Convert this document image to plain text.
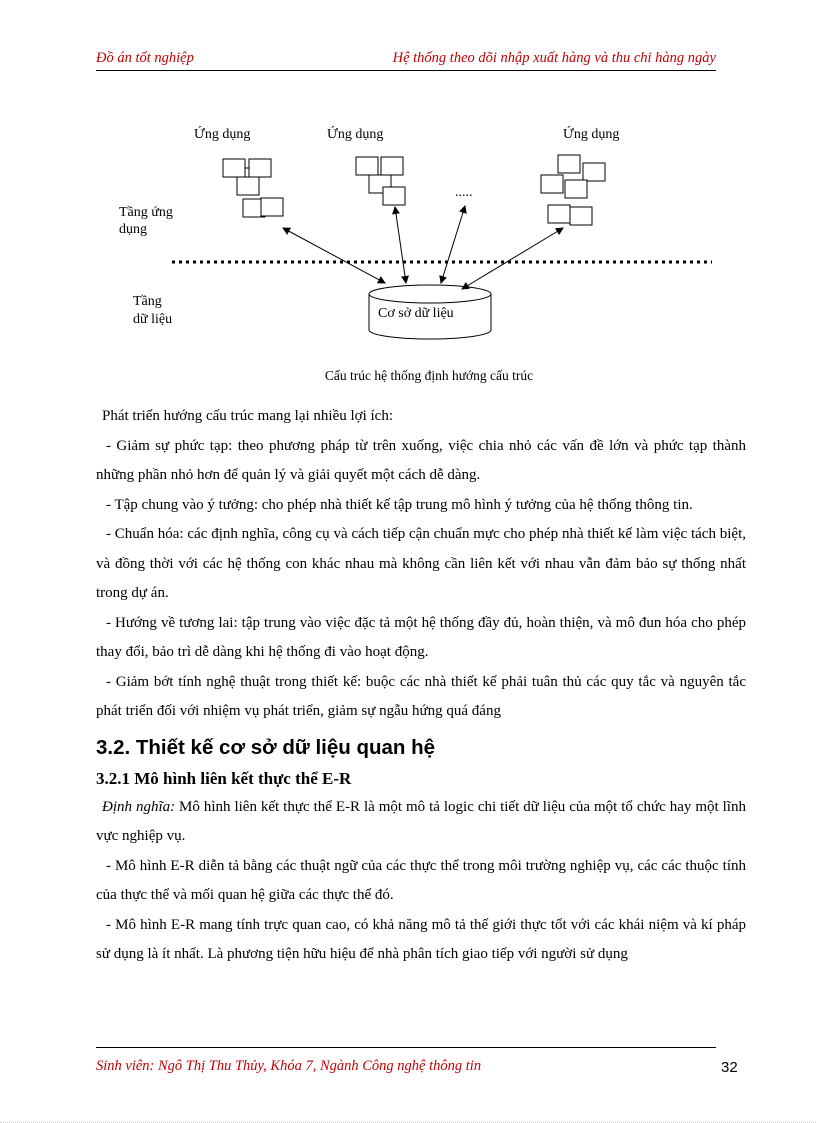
Đồ án tốt nghiệp	Hệ thống theo dõi nhập xuất hàng và thu chi hàng ngày
Ứng dụng	Ứng dụng	Ứng dụng
.....
Tầng ứng
dụng
Tầng
dữ liệu	Cơ sở dữ liệu
Cấu trúc hệ thống định hướng cấu trúc

Phát triển hướng cấu trúc mang lại nhiều lợi ích:

- Giảm sự phức tạp: theo phương pháp từ trên xuống, việc chia nhỏ các vấn đề lớn và phức tạp thành những phần nhỏ hơn để quản lý và giải quyết một cách dễ dàng.

- Tập chung vào ý tưởng: cho phép nhà thiết kế tập trung mô hình ý tưởng của hệ thống thông tin.

- Chuẩn hóa: các định nghĩa, công cụ và cách tiếp cận chuẩn mực cho phép nhà thiết kế làm việc tách biệt, và đồng thời với các hệ thống con khác nhau mà không cần liên kết với nhau vẫn đảm bảo sự thống nhất trong dự án.

- Hướng về tương lai: tập trung vào việc đặc tả một hệ thống đầy đủ, hoàn thiện, và mô đun hóa cho phép thay đổi, bảo trì dễ dàng khi hệ thống đi vào hoạt động.

- Giảm bớt tính nghệ thuật trong thiết kế: buộc các nhà thiết kế phải tuân thủ các quy tắc và nguyên tắc phát triển đối với nhiệm vụ phát triển, giảm sự ngẫu hứng quá đáng

3.2. Thiết kế cơ sở dữ liệu quan hệ
3.2.1 Mô hình liên kết thực thể E-R

Định nghĩa: Mô hình liên kết thực thể E-R là một mô tả logic chi tiết dữ liệu của một tổ chức hay một lĩnh vực nghiệp vụ.

- Mô hình E-R diễn tả bằng các thuật ngữ của các thực thể trong môi trường nghiệp vụ, các các thuộc tính của thực thể và mối quan hệ giữa các thực thể đó.

- Mô hình E-R mang tính trực quan cao, có khả năng mô tả thế giới thực tốt với các khái niệm và kí pháp sử dụng là ít nhất. Là phương tiện hữu hiệu để nhà phân tích giao tiếp với người sử dụng

Sinh viên: Ngô Thị Thu Thủy, Khóa 7, Ngành Công nghệ thông tin	32
